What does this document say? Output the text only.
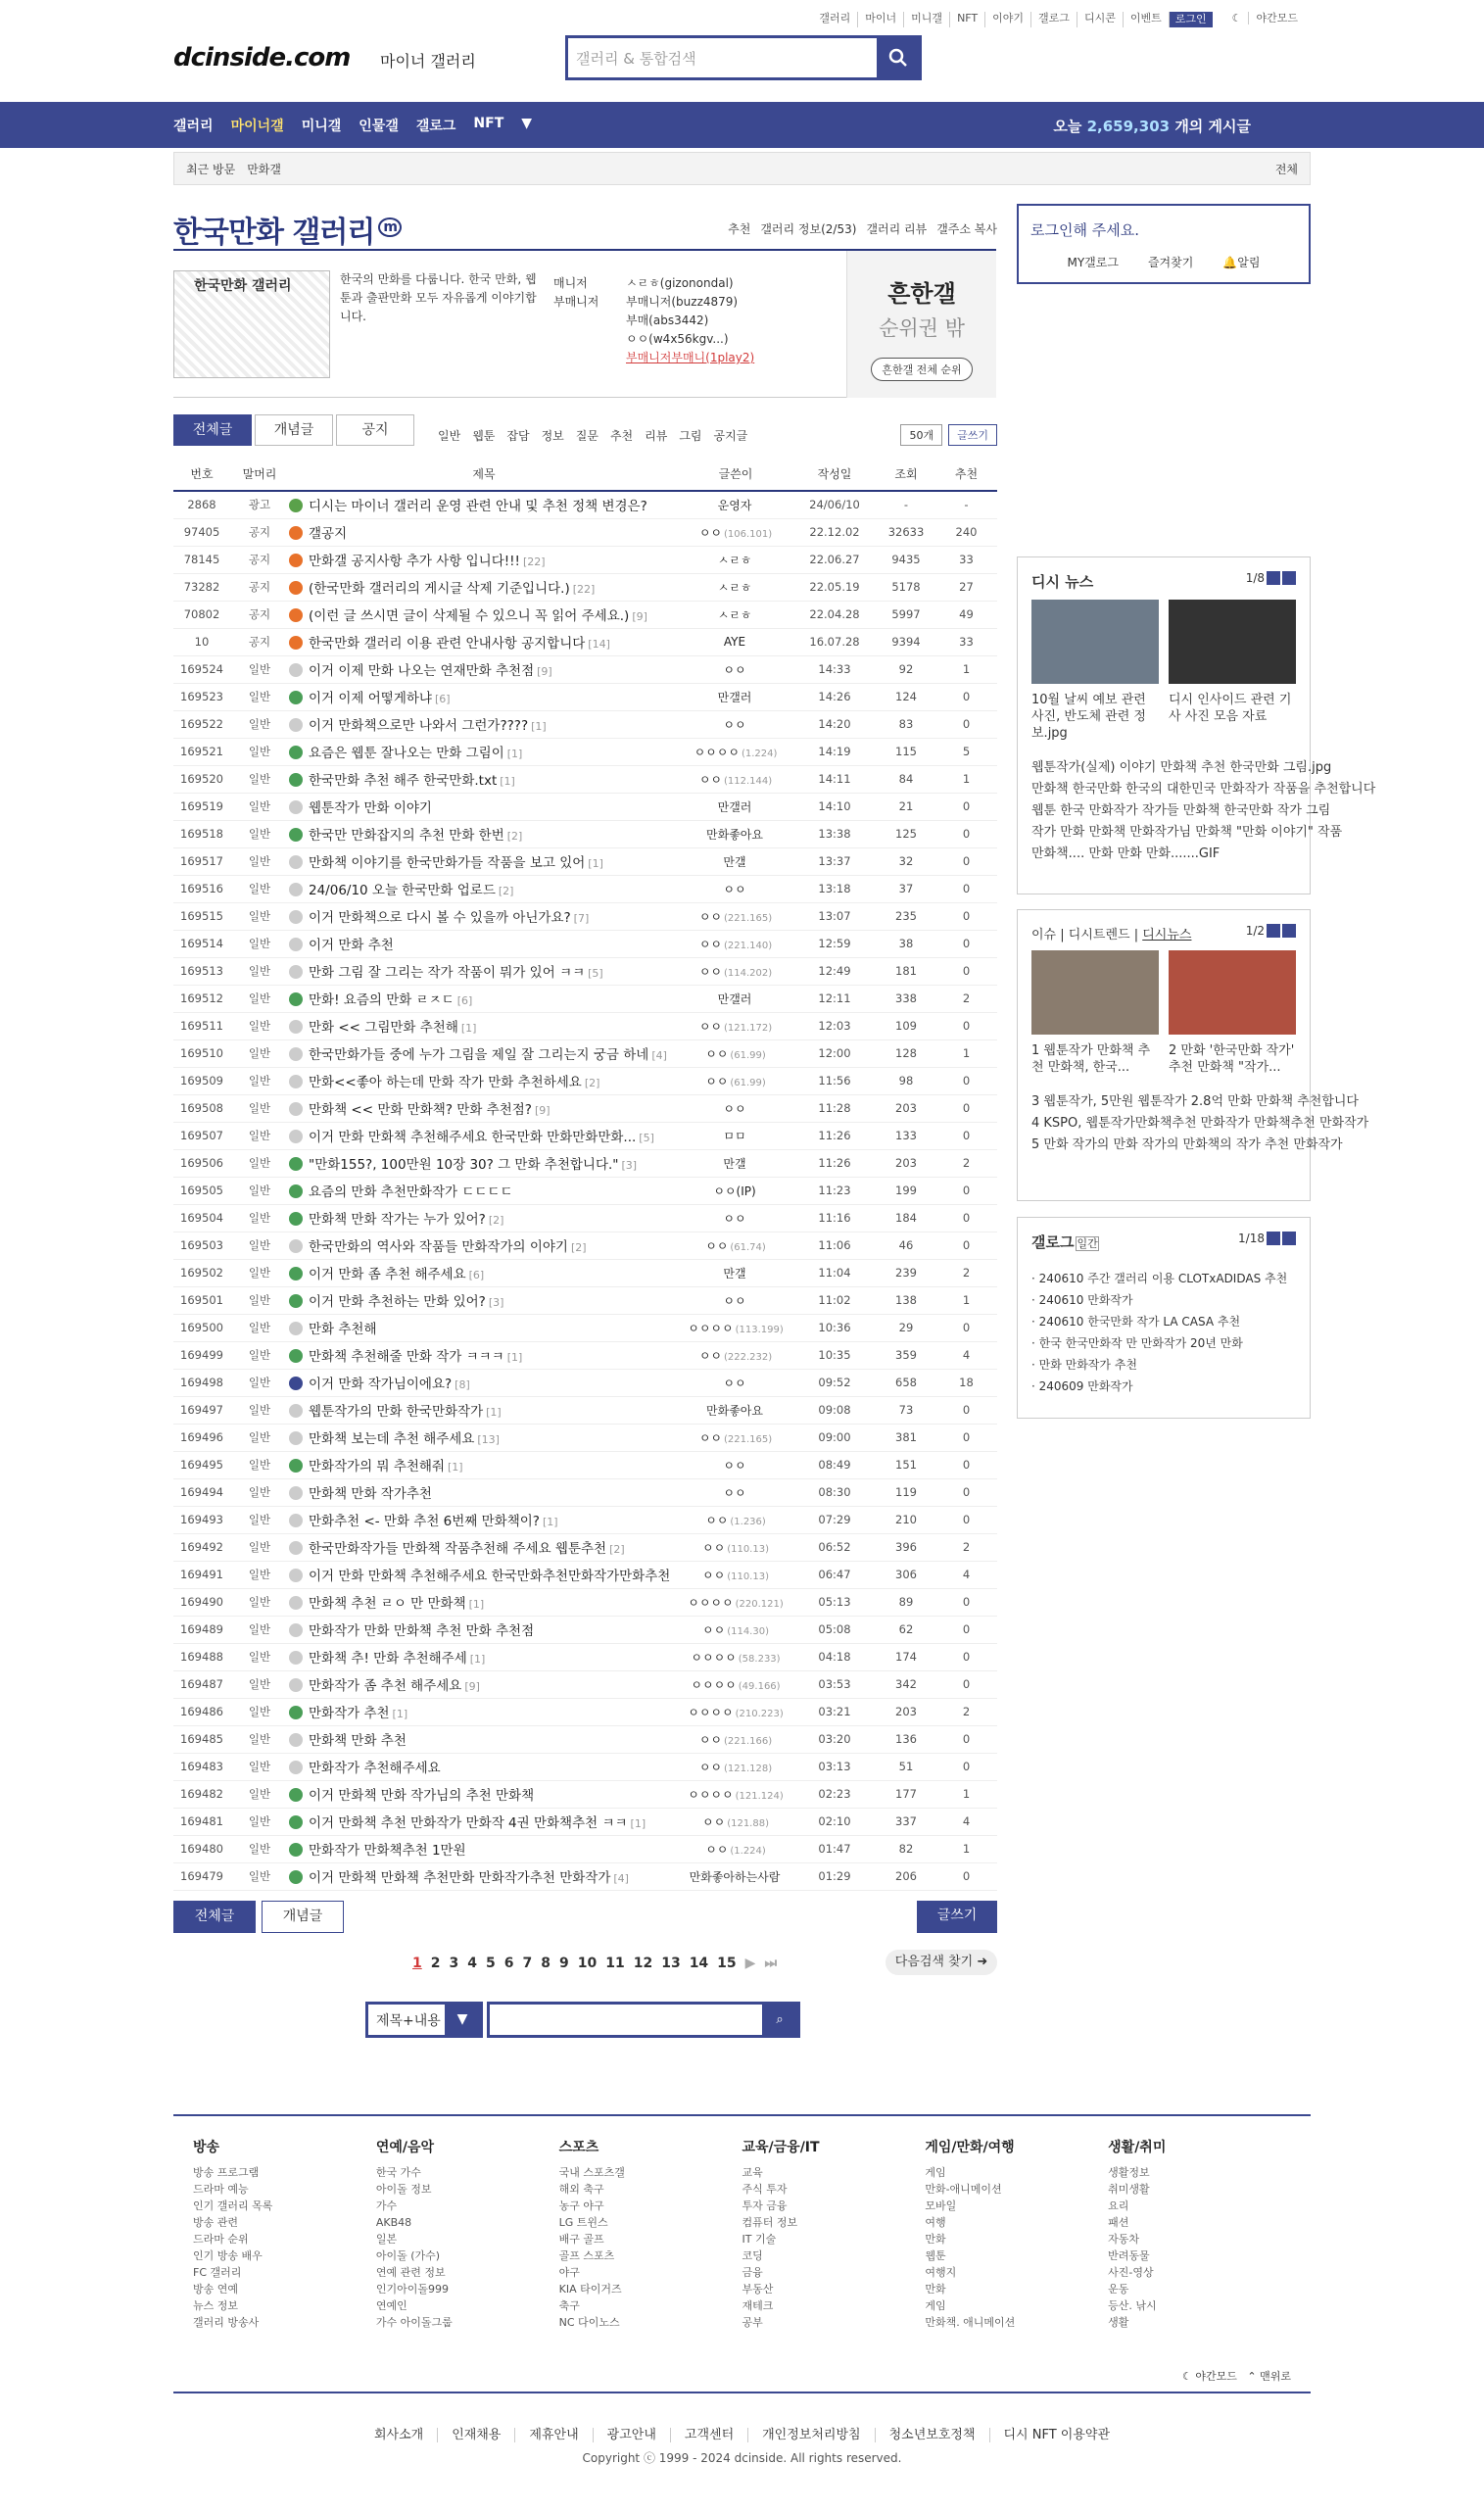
갤러리	마이너	미니갤	NFT	이야기	갤로그	디시콘	이벤트	로그인	☾ 야간모드
dcinside.com 마이너 갤러리	갤러리 & 통합검색
갤러리 마이너갤 미니갤 인물갤 갤로그 NFT ▼	오늘 2,659,303 개의 게시글
최근 방문 만화갤	전체
한국만화 갤러리 $^m$	추천 갤러리 정보(2/53) 갤러리 리뷰 갤주소 복사
한국만화 갤러리	한국의 만화를 다룹니다. 한국 만화, 웹툰과 출판만화 모두 자유롭게 이야기합니다.
매니저
부매니저
ㅅㄹㅎ(gizonondal)
부매니저(buzz4879)
부매(abs3442)
ㅇㅇ(w4x56kgv...)
부매니저부매니(1play2)
흔한갤
순위권 밖
흔한갤 전체 순위
전체글	개념글	공지	일반 웹툰 잡담 정보 질문 추천 리뷰 그림 공지글	50개	글쓰기
번호	말머리	제목	글쓴이	작성일	조회	추천
2868	광고	디시는 마이너 갤러리 운영 관련 안내 및 추천 정책 변경은?	운영자	24/06/10	-	-
97405	공지	갤공지	ㅇㅇ (106.101)	22.12.02	32633	240
78145	공지	만화갤 공지사항 추가 사항 입니다!!! [22]	ㅅㄹㅎ	22.06.27	9435	33
73282	공지	(한국만화 갤러리의 게시글 삭제 기준입니다.) [22]	ㅅㄹㅎ	22.05.19	5178	27
70802	공지	(이런 글 쓰시면 글이 삭제될 수 있으니 꼭 읽어 주세요.) [9]	ㅅㄹㅎ	22.04.28	5997	49
10	공지	한국만화 갤러리 이용 관련 안내사항 공지합니다 [14]	AYE	16.07.28	9394	33
169524	일반	이거 이제 만화 나오는 연재만화 추천점 [9]	ㅇㅇ	14:33	92	1
169523	일반	이거 이제 어떻게하냐 [6]	만갤러	14:26	124	0
169522	일반	이거 만화책으로만 나와서 그런가???? [1]	ㅇㅇ	14:20	83	0
169521	일반	요즘은 웹툰 잘나오는 만화 그림이 [1]	ㅇㅇㅇㅇ (1.224)	14:19	115	5
169520	일반	한국만화 추천 해주 한국만화.txt [1]	ㅇㅇ (112.144)	14:11	84	1
169519	일반	웹툰작가 만화 이야기	만갤러	14:10	21	0
169518	일반	한국만 만화잡지의 추천 만화 한번 [2]	만화좋아요	13:38	125	0
169517	일반	만화책 이야기를 한국만화가들 작품을 보고 있어 [1]	만갤	13:37	32	0
169516	일반	24/06/10 오늘 한국만화 업로드 [2]	ㅇㅇ	13:18	37	0
169515	일반	이거 만화책으로 다시 볼 수 있을까 아닌가요? [7]	ㅇㅇ (221.165)	13:07	235	0
169514	일반	이거 만화 추천	ㅇㅇ (221.140)	12:59	38	0
169513	일반	만화 그림 잘 그리는 작가 작품이 뭐가 있어 ㅋㅋ [5]	ㅇㅇ (114.202)	12:49	181	0
169512	일반	만화! 요즘의 만화 ㄹㅈㄷ [6]	만갤러	12:11	338	2
169511	일반	만화 << 그림만화 추천해 [1]	ㅇㅇ (121.172)	12:03	109	0
169510	일반	한국만화가들 중에 누가 그림을 제일 잘 그리는지 궁금 하네 [4]	ㅇㅇ (61.99)	12:00	128	1
169509	일반	만화<<좋아 하는데 만화 작가 만화 추천하세요 [2]	ㅇㅇ (61.99)	11:56	98	0
169508	일반	만화책 << 만화 만화책? 만화 추천점? [9]	ㅇㅇ	11:28	203	0
169507	일반	이거 만화 만화책 추천해주세요 한국만화 만화만화만화... [5]	ㅁㅁ	11:26	133	0
169506	일반	"만화155?, 100만원 10장 30? 그 만화 추천합니다." [3]	만갤	11:26	203	2
169505	일반	요즘의 만화 추천만화작가 ㄷㄷㄷㄷ	ㅇㅇ(IP)	11:23	199	0
169504	일반	만화책 만화 작가는 누가 있어? [2]	ㅇㅇ	11:16	184	0
169503	일반	한국만화의 역사와 작품들 만화작가의 이야기 [2]	ㅇㅇ (61.74)	11:06	46	0
169502	일반	이거 만화 좀 추천 해주세요 [6]	만갤	11:04	239	2
169501	일반	이거 만화 추천하는 만화 있어? [3]	ㅇㅇ	11:02	138	1
169500	일반	만화 추천해	ㅇㅇㅇㅇ (113.199)	10:36	29	0
169499	일반	만화책 추천해줄 만화 작가 ㅋㅋㅋ [1]	ㅇㅇ (222.232)	10:35	359	4
169498	일반	이거 만화 작가님이에요? [8]	ㅇㅇ	09:52	658	18
169497	일반	웹툰작가의 만화 한국만화작가 [1]	만화좋아요	09:08	73	0
169496	일반	만화책 보는데 추천 해주세요 [13]	ㅇㅇ (221.165)	09:00	381	0
169495	일반	만화작가의 뭐 추천해줘 [1]	ㅇㅇ	08:49	151	0
169494	일반	만화책 만화 작가추천	ㅇㅇ	08:30	119	0
169493	일반	만화추천 <- 만화 추천 6번째 만화책이? [1]	ㅇㅇ (1.236)	07:29	210	0
169492	일반	한국만화작가들 만화책 작품추천해 주세요 웹툰추천 [2]	ㅇㅇ (110.13)	06:52	396	2
169491	일반	이거 만화 만화책 추천해주세요 한국만화추천만화작가만화추천	ㅇㅇ (110.13)	06:47	306	4
169490	일반	만화책 추천 ㄹㅇ 만 만화책 [1]	ㅇㅇㅇㅇ (220.121)	05:13	89	0
169489	일반	만화작가 만화 만화책 추천 만화 추천점	ㅇㅇ (114.30)	05:08	62	0
169488	일반	만화책 추! 만화 추천해주세 [1]	ㅇㅇㅇㅇ (58.233)	04:18	174	0
169487	일반	만화작가 좀 추천 해주세요 [9]	ㅇㅇㅇㅇ (49.166)	03:53	342	0
169486	일반	만화작가 추천 [1]	ㅇㅇㅇㅇ (210.223)	03:21	203	2
169485	일반	만화책 만화 추천	ㅇㅇ (221.166)	03:20	136	0
169483	일반	만화작가 추천해주세요	ㅇㅇ (121.128)	03:13	51	0
169482	일반	이거 만화책 만화 작가님의 추천 만화책	ㅇㅇㅇㅇ (121.124)	02:23	177	1
169481	일반	이거 만화책 추천 만화작가 만화작 4권 만화책추천 ㅋㅋ [1]	ㅇㅇ (121.88)	02:10	337	4
169480	일반	만화작가 만화책추천 1만원	ㅇㅇ (1.224)	01:47	82	1
169479	일반	이거 만화책 만화책 추천만화 만화작가추천 만화작가 [4]	만화좋아하는사람	01:29	206	0
전체글	개념글	글쓰기
1 2 3 4 5 6 7 8 9 10 11 12 13 14 15 ▶ ⏭	다음검색 찾기 ➜
제목+내용	▼	⌕
로그인해 주세요.
MY갤로그	즐겨찾기	🔔알림
디시 뉴스	1/8
10월 날씨 예보 관련 사진, 반도체 관련 정보.jpg
디시 인사이드 관련 기사 사진 모음 자료
웹툰작가(실제) 이야기 만화책 추천 한국만화 그림.jpg
만화책 한국만화 한국의 대한민국 만화작가 작품을 추천합니다
웹툰 한국 만화작가 작가들 만화책 한국만화 작가 그림
작가 만화 만화책 만화작가님 만화책 "만화 이야기" 작품
만화책.... 만화 만화 만화.......GIF
이슈 | 디시트렌드 | 디시뉴스	1/2
1 웹툰작가 만화책 추천 만화책, 한국...
2 만화 '한국만화 작가' 추천 만화책 "작가...
3 웹툰작가, 5만원 웹툰작가 2.8억 만화 만화책 추천합니다
4 KSPO, 웹툰작가만화책추천 만화작가 만화책추천 만화작가
5 만화 작가의 만화 작가의 만화책의 작가 추천 만화작가
갤로그 일간	1/18
· 240610 주간 갤러리 이용 CLOTxADIDAS 추천
· 240610 만화작가
· 240610 한국만화 작가 LA CASA 추천
· 한국 한국만화작 만 만화작가 20년 만화
· 만화 만화작가 추천
· 240609 만화작가
방송
방송 프로그램
드라마 예능
인기 갤러리 목록
방송 관련
드라마 순위
인기 방송 배우
FC 갤러리
방송 연예
뉴스 정보
갤러리 방송사
연예/음악
한국 가수
아이돌 정보
가수
AKB48
일본
아이돌 (가수)
연예 관련 정보
인기아이돌999
연예인
가수 아이돌그룹
스포츠
국내 스포츠갤
해외 축구
농구 야구
LG 트윈스
배구 골프
골프 스포츠
야구
KIA 타이거즈
축구
NC 다이노스
교육/금융/IT
교육
주식 투자
투자 금융
컴퓨터 정보
IT 기술
코딩
금융
부동산
재테크
공부
게임/만화/여행
게임
만화-애니메이션
모바일
여행
만화
웹툰
여행지
만화
게임
만화책. 애니메이션
생활/취미
생활정보
취미생활
요리
패션
자동차
반려동물
사진-영상
운동
등산. 낚시
생활
☾ 야간모드 ⌃ 맨위로
회사소개 인재채용 제휴안내 광고안내 고객센터 개인정보처리방침 청소년보호정책 디시 NFT 이용약관
Copyright ⓒ 1999 - 2024 dcinside. All rights reserved.
